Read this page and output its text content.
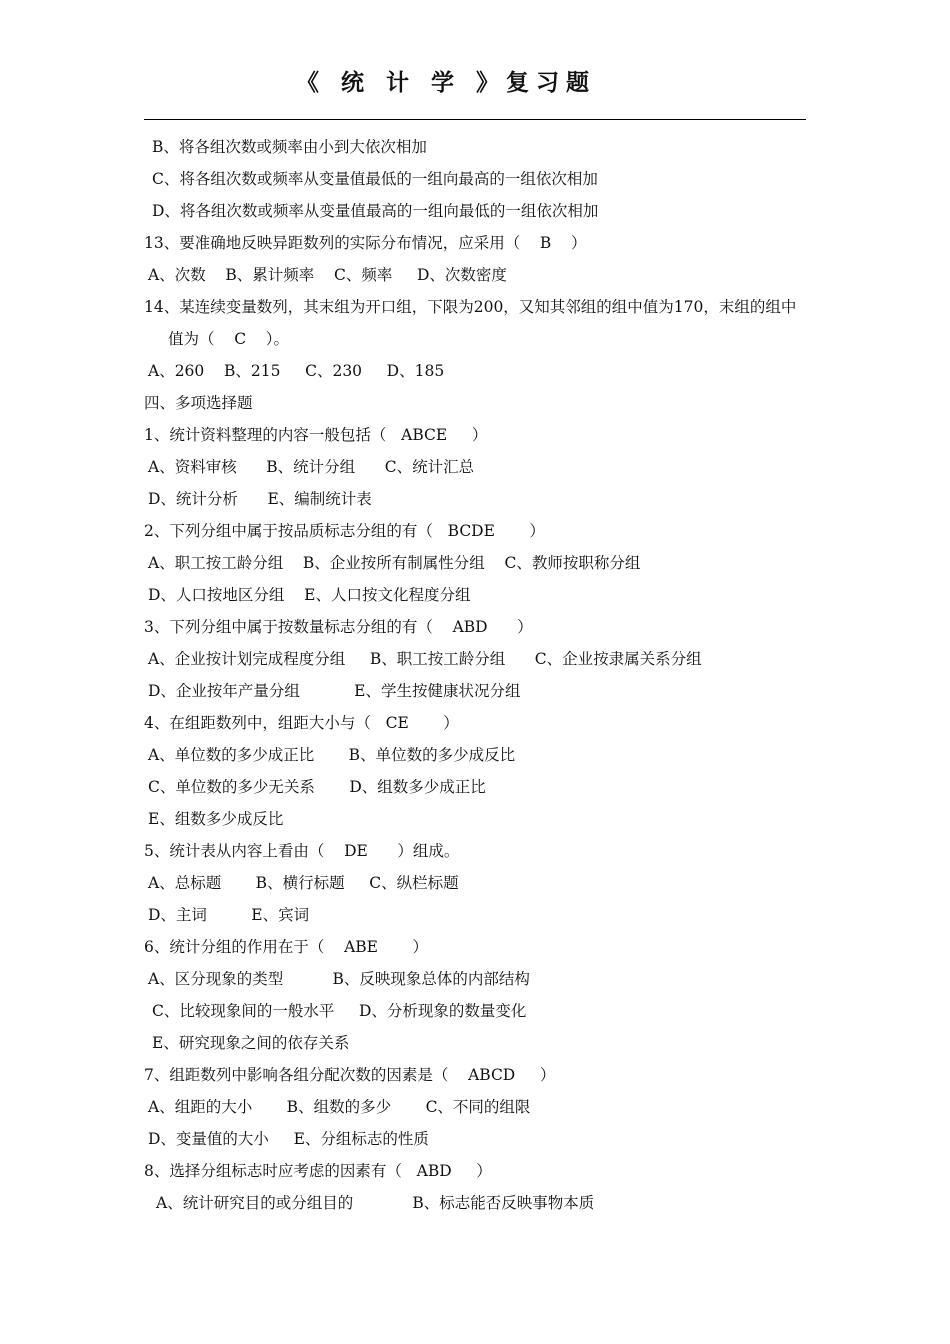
《 统 计 学 》复习题
B、将各组次数或频率由小到大依次相加
C、将各组次数或频率从变量值最低的一组向最高的一组依次相加
D、将各组次数或频率从变量值最高的一组向最低的一组依次相加
13、要准确地反映异距数列的实际分布情况，应采用（    B    ）
A、次数    B、累计频率    C、频率     D、次数密度
14、某连续变量数列，其末组为开口组，下限为200，又知其邻组的组中值为170，末组的组中
值为（    C    ）。
A、260    B、215     C、230     D、185
四、多项选择题
1、统计资料整理的内容一般包括（   ABCE     ）
A、资料审核      B、统计分组      C、统计汇总
D、统计分析      E、编制统计表
2、下列分组中属于按品质标志分组的有（   BCDE       ）
A、职工按工龄分组    B、企业按所有制属性分组    C、教师按职称分组
D、人口按地区分组    E、人口按文化程度分组
3、下列分组中属于按数量标志分组的有（    ABD      ）
A、企业按计划完成程度分组     B、职工按工龄分组      C、企业按隶属关系分组
D、企业按年产量分组           E、学生按健康状况分组
4、在组距数列中，组距大小与（   CE       ）
A、单位数的多少成正比       B、单位数的多少成反比
C、单位数的多少无关系       D、组数多少成正比
E、组数多少成反比
5、统计表从内容上看由（    DE      ）组成。
A、总标题       B、横行标题     C、纵栏标题
D、主词         E、宾词
6、统计分组的作用在于（    ABE       ）
A、区分现象的类型          B、反映现象总体的内部结构
C、比较现象间的一般水平     D、分析现象的数量变化
E、研究现象之间的依存关系
7、组距数列中影响各组分配次数的因素是（    ABCD     ）
A、组距的大小       B、组数的多少       C、不同的组限
D、变量值的大小     E、分组标志的性质
8、选择分组标志时应考虑的因素有（   ABD     ）
A、统计研究目的或分组目的            B、标志能否反映事物本质
